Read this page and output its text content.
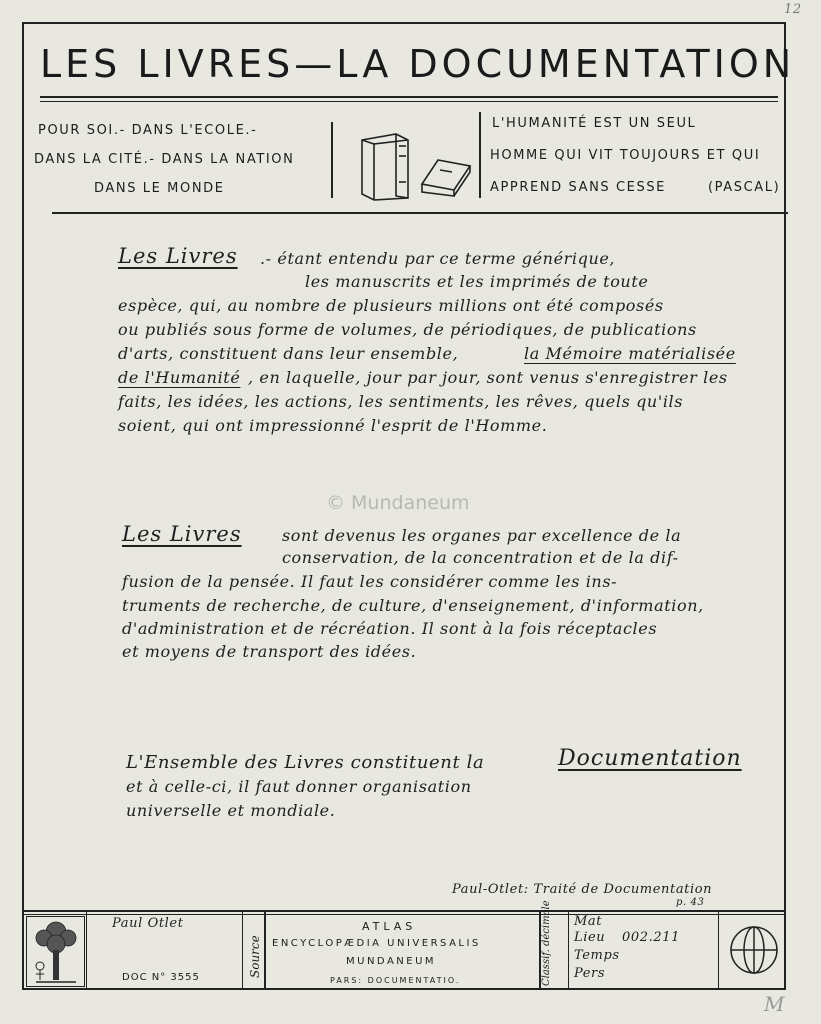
12
LES LIVRES—LA DOCUMENTATION
POUR SOI.- DANS L'ECOLE.-
DANS LA CITÉ.- DANS LA NATION
DANS LE MONDE
L'HUMANITÉ EST UN SEUL
HOMME QUI VIT TOUJOURS ET QUI
APPREND SANS CESSE	(PASCAL)
Les Livres .- étant entendu par ce terme générique,
les manuscrits et les imprimés de toute
espèce, qui, au nombre de plusieurs millions ont été composés
ou publiés sous forme de volumes, de périodiques, de publications
d'arts, constituent dans leur ensemble,	la Mémoire matérialisée
de l'Humanité , en laquelle, jour par jour, sont venus s'enregistrer les
faits, les idées, les actions, les sentiments, les rêves, quels qu'ils
soient, qui ont impressionné l'esprit de l'Homme.
© Mundaneum
Les Livres	sont devenus les organes par excellence de la
conservation, de la concentration et de la dif-
fusion de la pensée. Il faut les considérer comme les ins-
truments de recherche, de culture, d'enseignement, d'information,
d'administration et de récréation. Il sont à la fois réceptacles
et moyens de transport des idées.
L'Ensemble des Livres constituent la	Documentation
et à celle-ci, il faut donner organisation
universelle et mondiale.
Paul-Otlet: Traité de Documentation
p. 43
Paul Otlet
DOC N° 3555	Source
ATLAS
ENCYCLOPÆDIA UNIVERSALIS
MUNDANEUM
PARS: DOCUMENTATIO.	Classif. décimale Mat
Lieu 002.211
Temps
Pers
M
